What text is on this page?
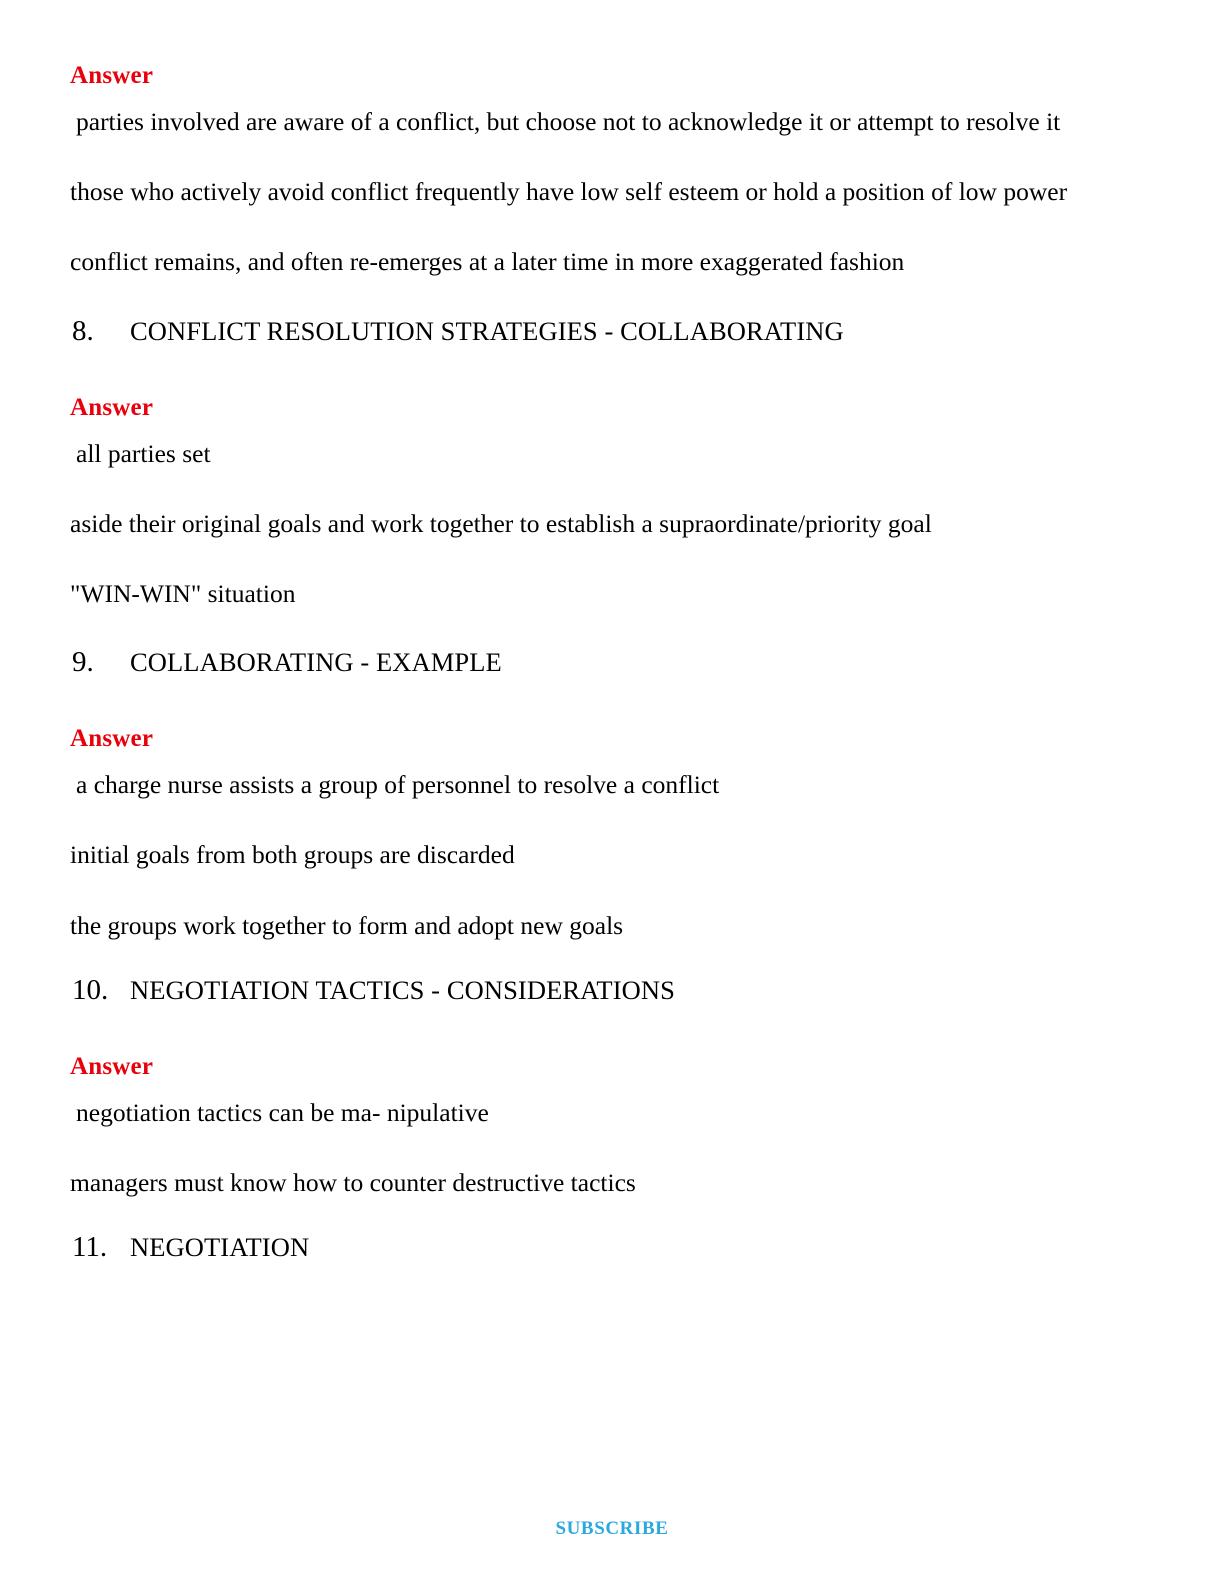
Answer

parties involved are aware of a conflict, but choose not to acknowledge it or attempt to resolve it

those who actively avoid conflict frequently have low self esteem or hold a position of low power

conflict remains, and often re-emerges at a later time in more exaggerated fashion

8.	CONFLICT RESOLUTION STRATEGIES - COLLABORATING
Answer

all parties set

aside their original goals and work together to establish a supraordinate/priority goal

"WIN-WIN" situation

9.	COLLABORATING - EXAMPLE
Answer

a charge nurse assists a group of personnel to resolve a conflict

initial goals from both groups are discarded

the groups work together to form and adopt new goals

10. NEGOTIATION TACTICS - CONSIDERATIONS
Answer

negotiation tactics can be ma- nipulative

managers must know how to counter destructive tactics

11. NEGOTIATION
SUBSCRIBE
